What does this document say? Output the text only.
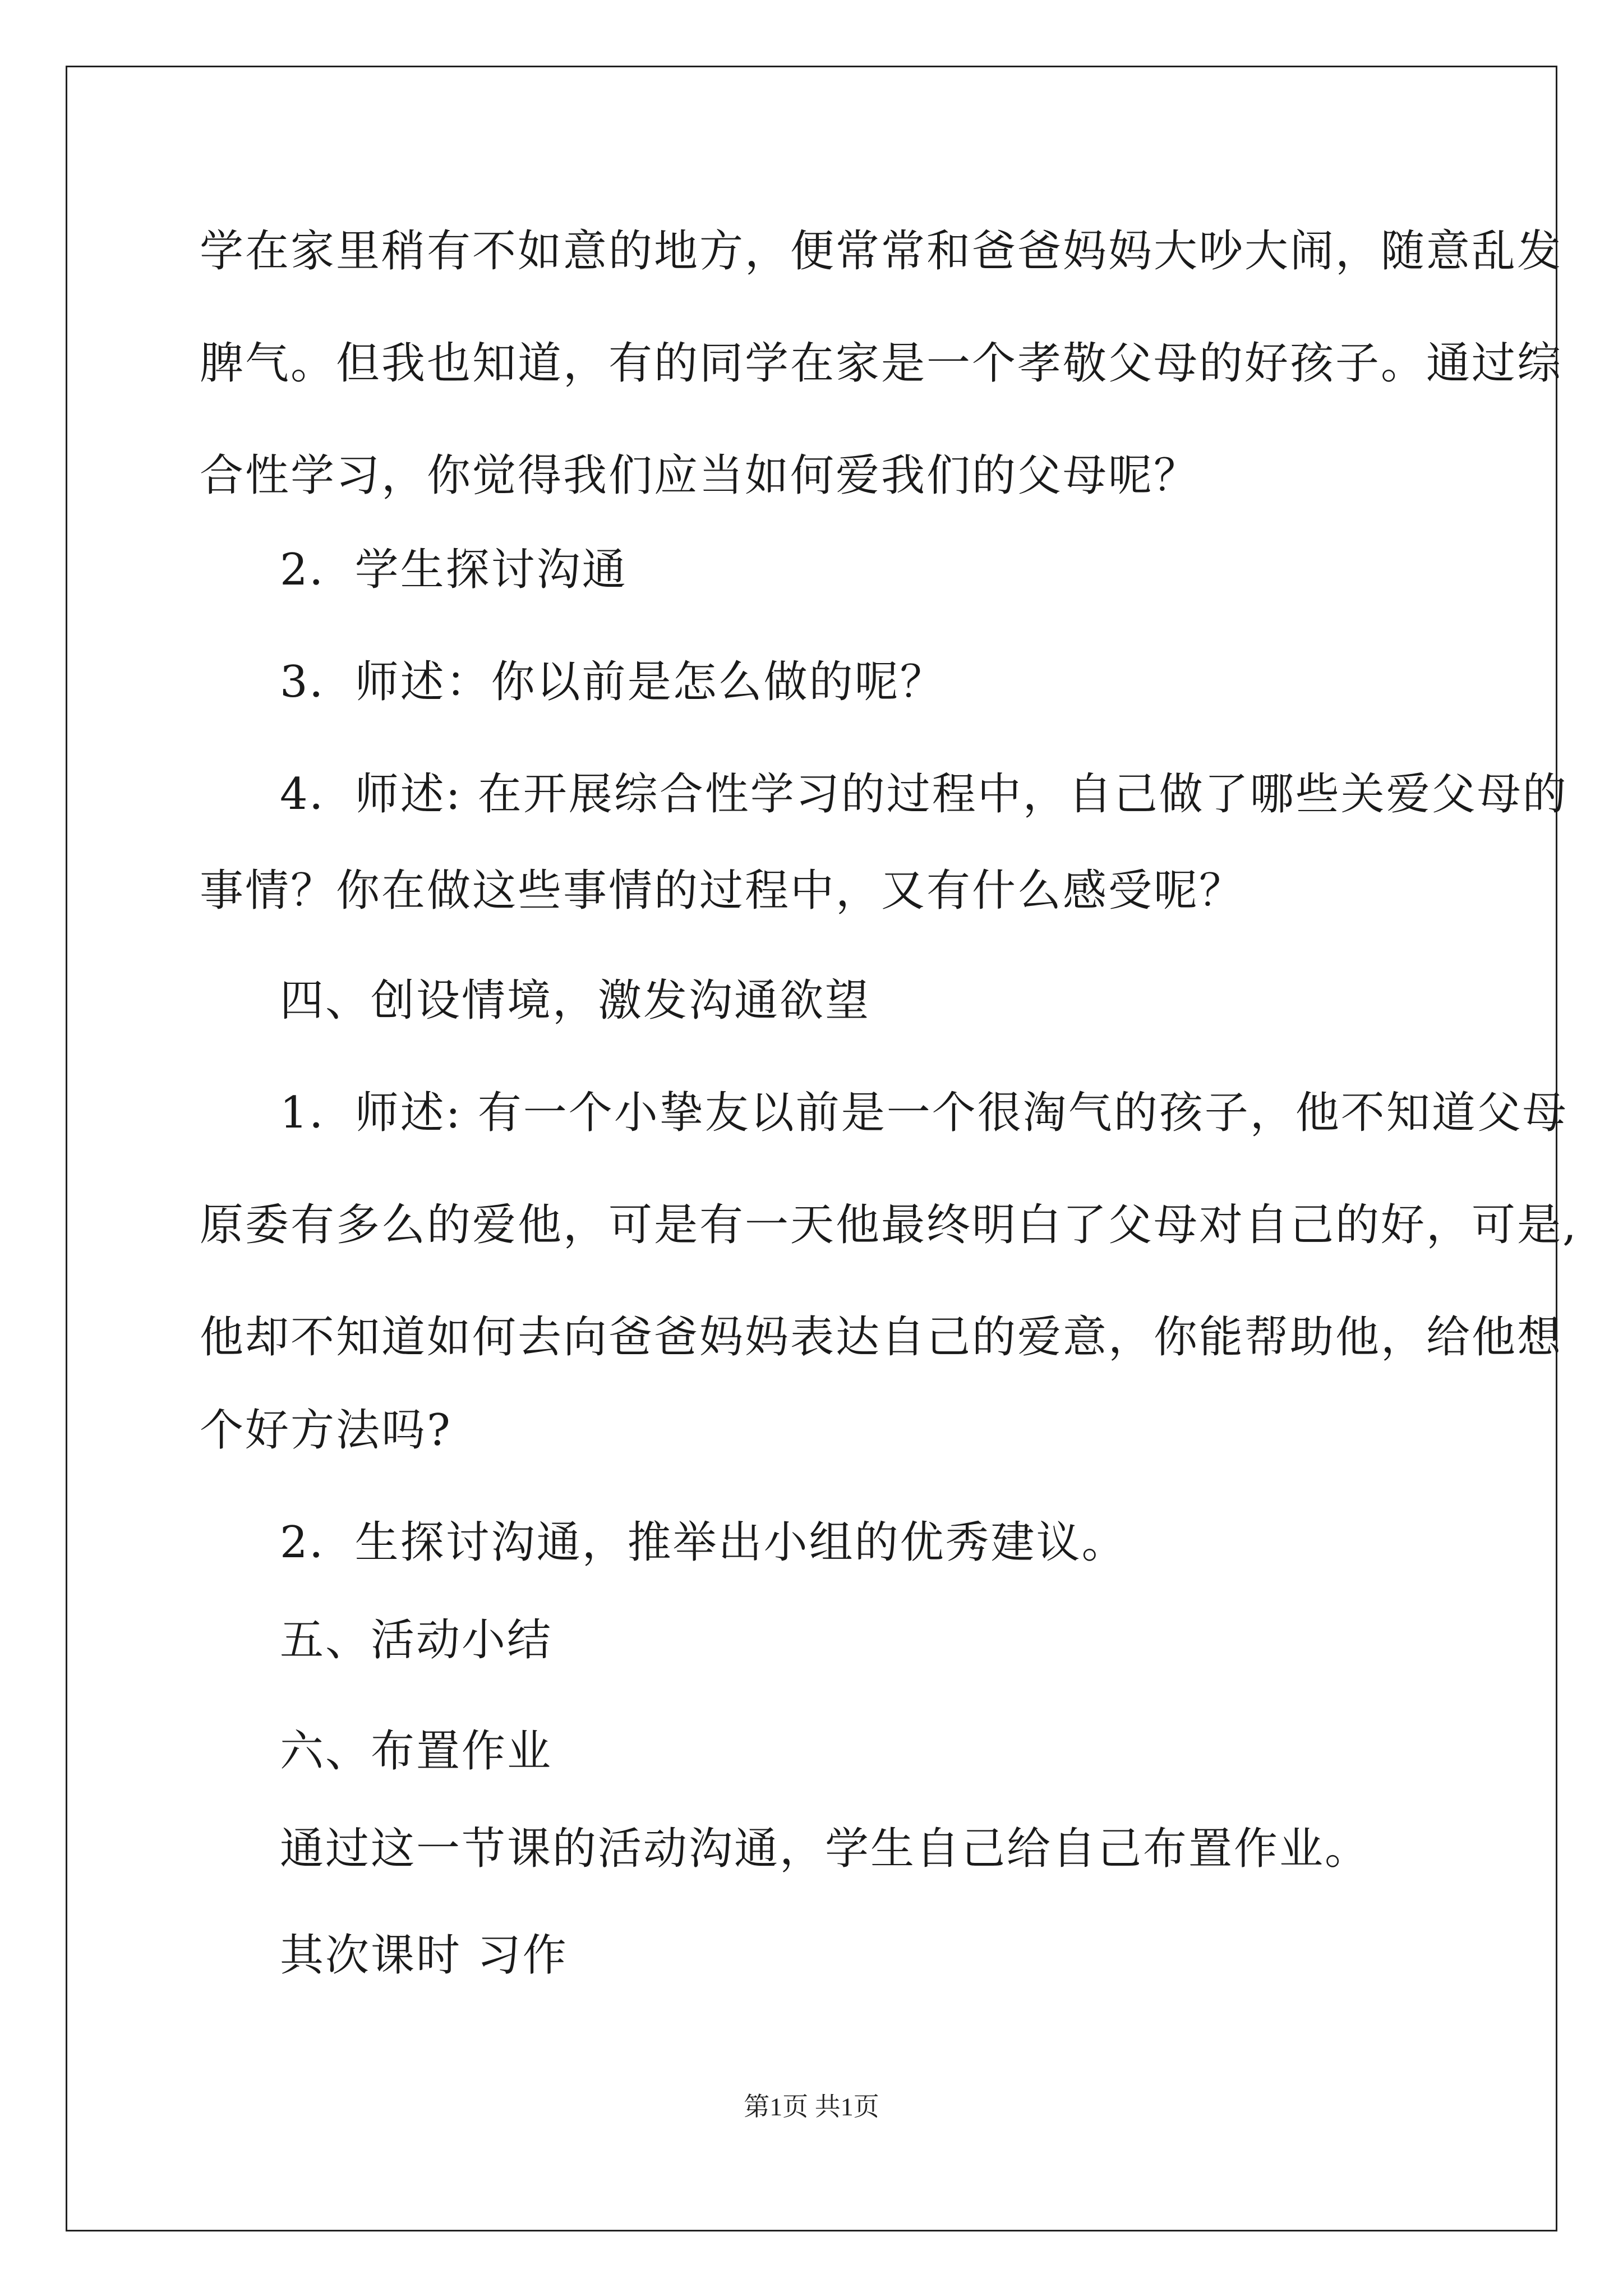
学在家里稍有不如意的地方，便常常和爸爸妈妈大吵大闹，随意乱发
脾气。但我也知道，有的同学在家是一个孝敬父母的好孩子。通过综
合性学习，你觉得我们应当如何爱我们的父母呢？
2．学生探讨沟通
3．师述：你以前是怎么做的呢？
4．师述: 在开展综合性学习的过程中，自己做了哪些关爱父母的
事情？你在做这些事情的过程中，又有什么感受呢？
四、创设情境，激发沟通欲望
1．师述: 有一个小挚友以前是一个很淘气的孩子，他不知道父母
原委有多么的爱他，可是有一天他最终明白了父母对自己的好，可是,
他却不知道如何去向爸爸妈妈表达自己的爱意，你能帮助他，给他想
个好方法吗?
2．生探讨沟通，推举出小组的优秀建议。
五、活动小结
六、布置作业
通过这一节课的活动沟通，学生自己给自己布置作业。
其次课时 习作
第1页 共1页
